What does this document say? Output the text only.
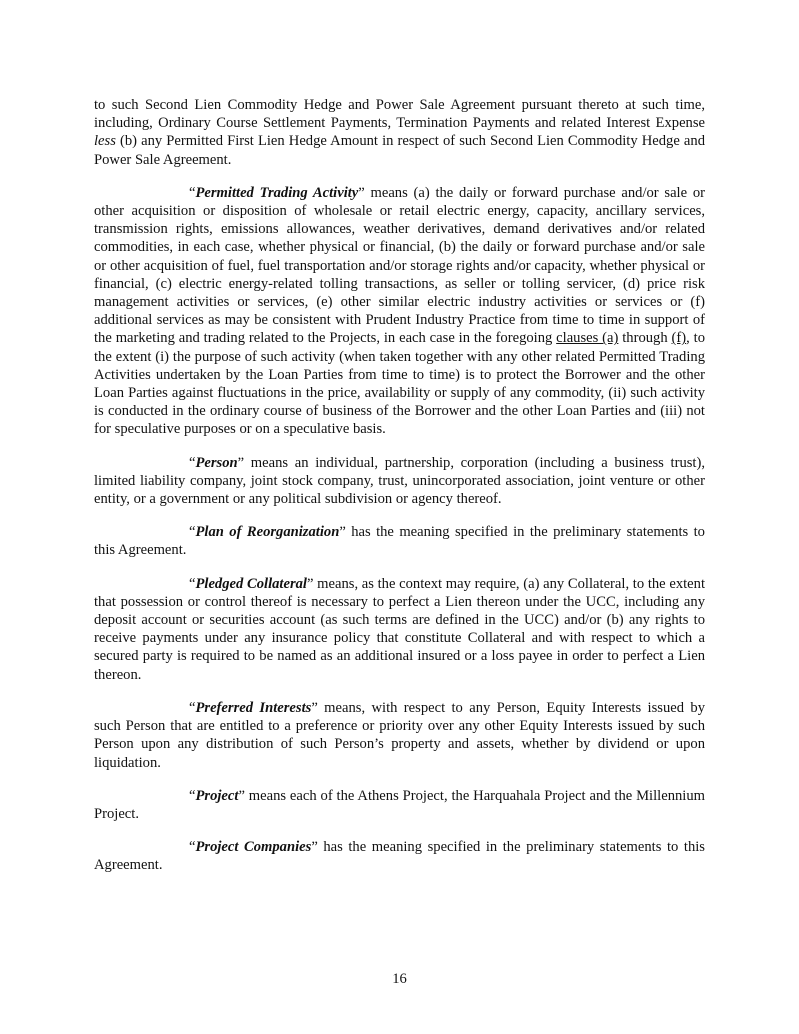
to such Second Lien Commodity Hedge and Power Sale Agreement pursuant thereto at such time, including, Ordinary Course Settlement Payments, Termination Payments and related Interest Expense less (b) any Permitted First Lien Hedge Amount in respect of such Second Lien Commodity Hedge and Power Sale Agreement.

“Permitted Trading Activity” means (a) the daily or forward purchase and/or sale or other acquisition or disposition of wholesale or retail electric energy, capacity, ancillary services, transmission rights, emissions allowances, weather derivatives, demand derivatives and/or related commodities, in each case, whether physical or financial, (b) the daily or forward purchase and/or sale or other acquisition of fuel, fuel transportation and/or storage rights and/or capacity, whether physical or financial, (c) electric energy-related tolling transactions, as seller or tolling servicer, (d) price risk management activities or services, (e) other similar electric industry activities or services or (f) additional services as may be consistent with Prudent Industry Practice from time to time in support of the marketing and trading related to the Projects, in each case in the foregoing clauses (a) through (f), to the extent (i) the purpose of such activity (when taken together with any other related Permitted Trading Activities undertaken by the Loan Parties from time to time) is to protect the Borrower and the other Loan Parties against fluctuations in the price, availability or supply of any commodity, (ii) such activity is conducted in the ordinary course of business of the Borrower and the other Loan Parties and (iii) not for speculative purposes or on a speculative basis.

“Person” means an individual, partnership, corporation (including a business trust), limited liability company, joint stock company, trust, unincorporated association, joint venture or other entity, or a government or any political subdivision or agency thereof.

“Plan of Reorganization” has the meaning specified in the preliminary statements to this Agreement.

“Pledged Collateral” means, as the context may require, (a) any Collateral, to the extent that possession or control thereof is necessary to perfect a Lien thereon under the UCC, including any deposit account or securities account (as such terms are defined in the UCC) and/or (b) any rights to receive payments under any insurance policy that constitute Collateral and with respect to which a secured party is required to be named as an additional insured or a loss payee in order to perfect a Lien thereon.

“Preferred Interests” means, with respect to any Person, Equity Interests issued by such Person that are entitled to a preference or priority over any other Equity Interests issued by such Person upon any distribution of such Person’s property and assets, whether by dividend or upon liquidation.

“Project” means each of the Athens Project, the Harquahala Project and the Millennium Project.

“Project Companies” has the meaning specified in the preliminary statements to this Agreement.

16
